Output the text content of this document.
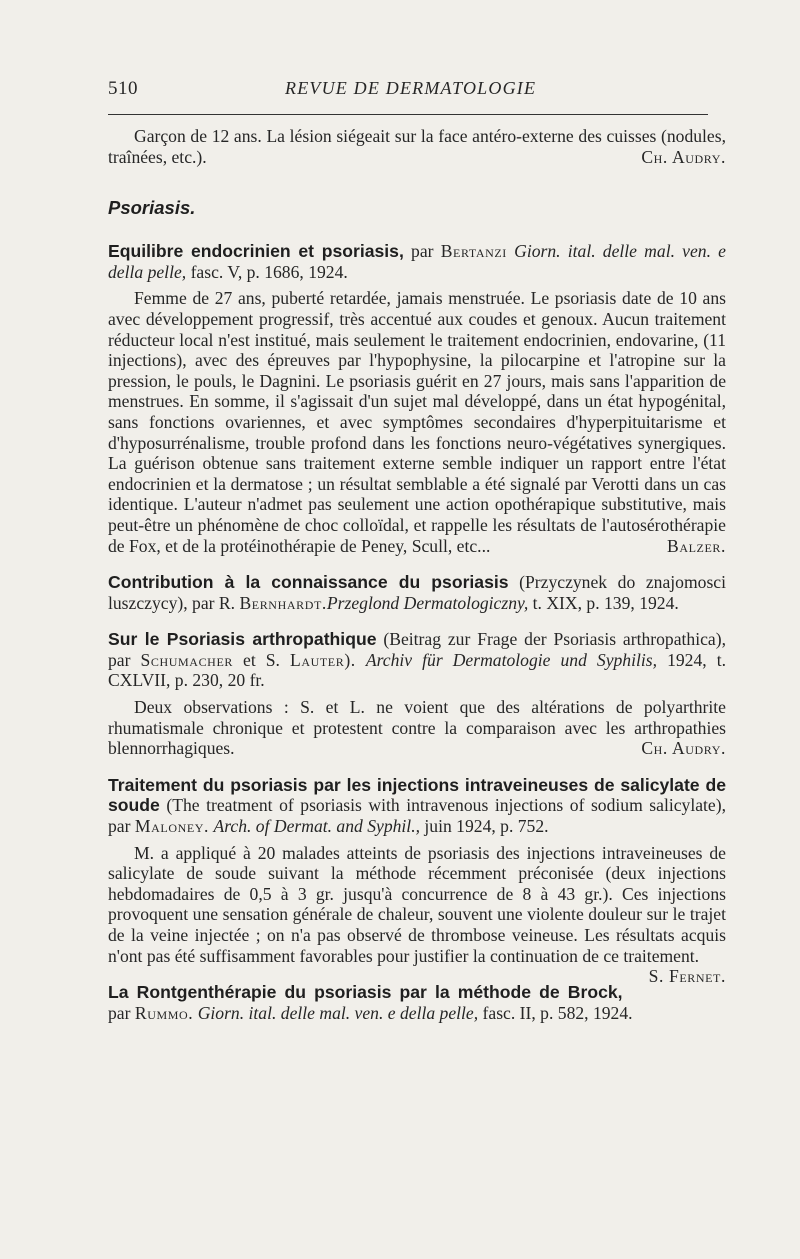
510	REVUE DE DERMATOLOGIE

Garçon de 12 ans. La lésion siégeait sur la face antéro-externe des cuisses (nodules, traînées, etc.).	Ch. Audry.

Psoriasis.

Equilibre endocrinien et psoriasis, par Bertanzi Giorn. ital. delle mal. ven. e della pelle, fasc. V, p. 1686, 1924.

Femme de 27 ans, puberté retardée, jamais menstruée. Le psoriasis date de 10 ans avec développement progressif, très accentué aux coudes et genoux. Aucun traitement réducteur local n'est institué, mais seulement le traitement endocrinien, endovarine, (11 injections), avec des épreuves par l'hypophysine, la pilocarpine et l'atropine sur la pression, le pouls, le Dagnini. Le psoriasis guérit en 27 jours, mais sans l'apparition de menstrues. En somme, il s'agissait d'un sujet mal développé, dans un état hypogénital, sans fonctions ovariennes, et avec symptômes secondaires d'hyperpituitarisme et d'hyposurrénalisme, trouble profond dans les fonctions neuro-végétatives synergiques. La guérison obtenue sans traitement externe semble indiquer un rapport entre l'état endocrinien et la dermatose ; un résultat semblable a été signalé par Verotti dans un cas identique. L'auteur n'admet pas seulement une action opothérapique substitutive, mais peut-être un phénomène de choc colloïdal, et rappelle les résultats de l'autosérothérapie de Fox, et de la protéinothérapie de Peney, Scull, etc...	Balzer.

Contribution à la connaissance du psoriasis (Przyczynek do znajomosci luszczycy), par R. Bernhardt.Przeglond Dermatologiczny, t. XIX, p. 139, 1924.

Sur le Psoriasis arthropathique (Beitrag zur Frage der Psoriasis arthropathica), par Schumacher et S. Lauter). Archiv für Dermatologie und Syphilis, 1924, t. CXLVII, p. 230, 20 fr.

Deux observations : S. et L. ne voient que des altérations de polyarthrite rhumatismale chronique et protestent contre la comparaison avec les arthropathies blennorrhagiques.	Ch. Audry.

Traitement du psoriasis par les injections intraveineuses de salicylate de soude (The treatment of psoriasis with intravenous injections of sodium salicylate), par Maloney. Arch. of Dermat. and Syphil., juin 1924, p. 752.

M. a appliqué à 20 malades atteints de psoriasis des injections intraveineuses de salicylate de soude suivant la méthode récemment préconisée (deux injections hebdomadaires de 0,5 à 3 gr. jusqu'à concurrence de 8 à 43 gr.). Ces injections provoquent une sensation générale de chaleur, souvent une violente douleur sur le trajet de la veine injectée ; on n'a pas observé de thrombose veineuse. Les résultats acquis n'ont pas été suffisamment favorables pour justifier la continuation de ce traitement.
S. Fernet.

La Rontgenthérapie du psoriasis par la méthode de Brock, par Rummo. Giorn. ital. delle mal. ven. e della pelle, fasc. II, p. 582, 1924.
